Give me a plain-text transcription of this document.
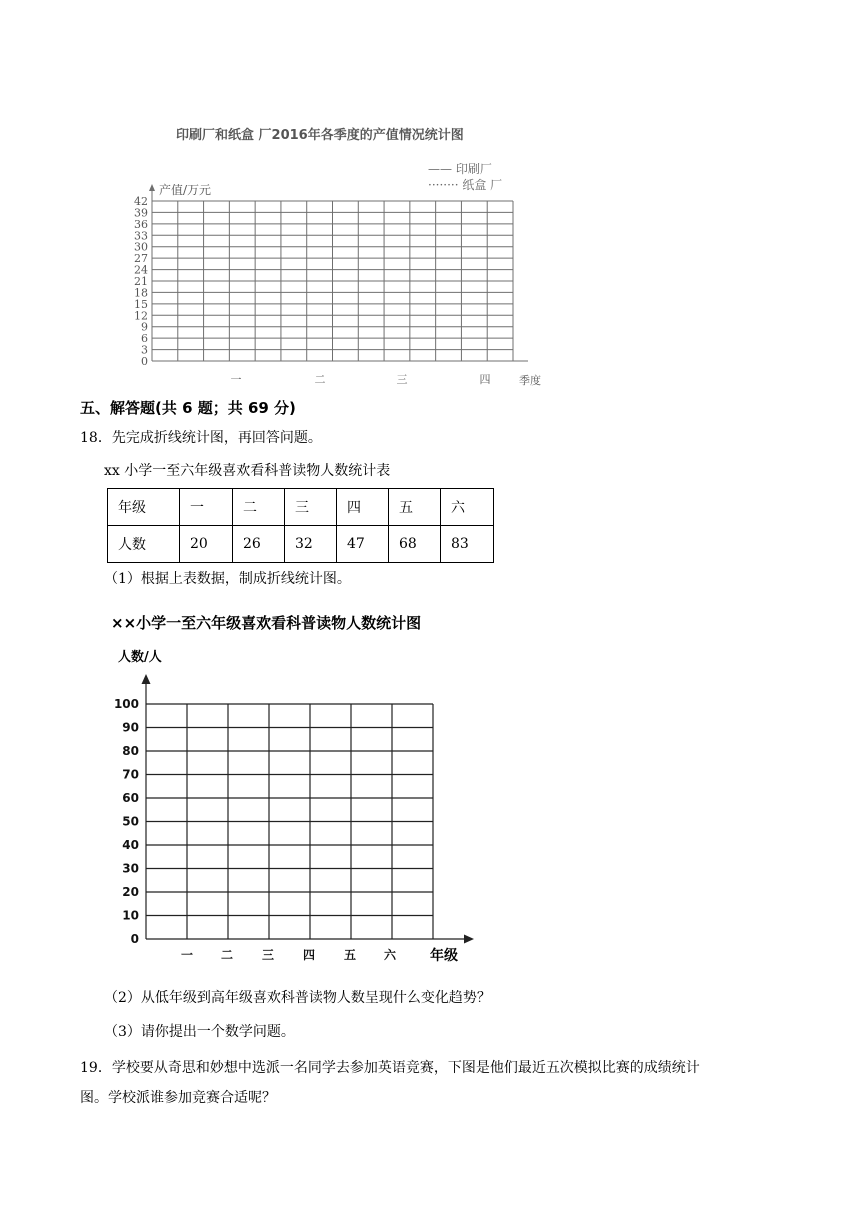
印刷厂和纸盒 厂2016年各季度的产值情况统计图
—— 印刷厂
········ 纸盒 厂
产值/万元
0
3
6
9
12
15
18
21
24
27
30
33
36
39
42
一	二	三	四	季度
五、解答题(共 6 题；共 69 分)
18．先完成折线统计图，再回答问题。
xx 小学一至六年级喜欢看科普读物人数统计表
年级	一	二	三	四	五	六
人数	20	26	32	47	68	83
（1）根据上表数据，制成折线统计图。
××小学一至六年级喜欢看科普读物人数统计图
人数/人
年级
0
10
20
30
40
50
60
70
80
90
100
一 二 三 四 五 六
（2）从低年级到高年级喜欢科普读物人数呈现什么变化趋势？
（3）请你提出一个数学问题。
19．学校要从奇思和妙想中选派一名同学去参加英语竞赛，下图是他们最近五次模拟比赛的成绩统计
图。学校派谁参加竞赛合适呢？
